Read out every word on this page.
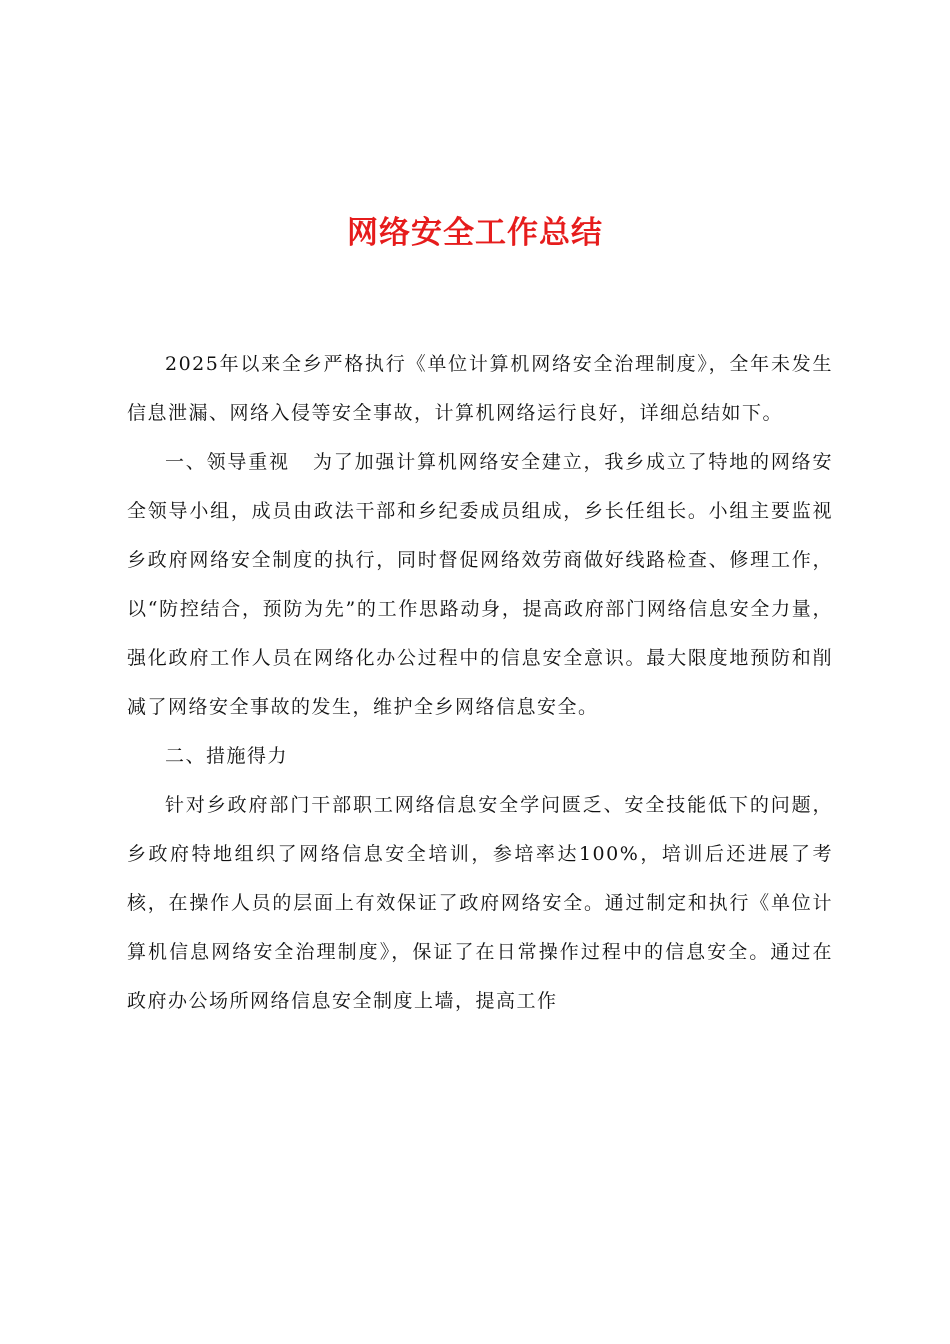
网络安全工作总结

2025年以来全乡严格执行《单位计算机网络安全治理制度》，全年未发生信息泄漏、网络入侵等安全事故，计算机网络运行良好，详细总结如下。

一、领导重视 为了加强计算机网络安全建立，我乡成立了特地的网络安全领导小组，成员由政法干部和乡纪委成员组成，乡长任组长。小组主要监视乡政府网络安全制度的执行，同时督促网络效劳商做好线路检查、修理工作，以“防控结合，预防为先”的工作思路动身，提高政府部门网络信息安全力量，强化政府工作人员在网络化办公过程中的信息安全意识。最大限度地预防和削减了网络安全事故的发生，维护全乡网络信息安全。

二、措施得力

针对乡政府部门干部职工网络信息安全学问匮乏、安全技能低下的问题，乡政府特地组织了网络信息安全培训，参培率达100%，培训后还进展了考核，在操作人员的层面上有效保证了政府网络安全。通过制定和执行《单位计算机信息网络安全治理制度》，保证了在日常操作过程中的信息安全。通过在政府办公场所网络信息安全制度上墙，提高工作
